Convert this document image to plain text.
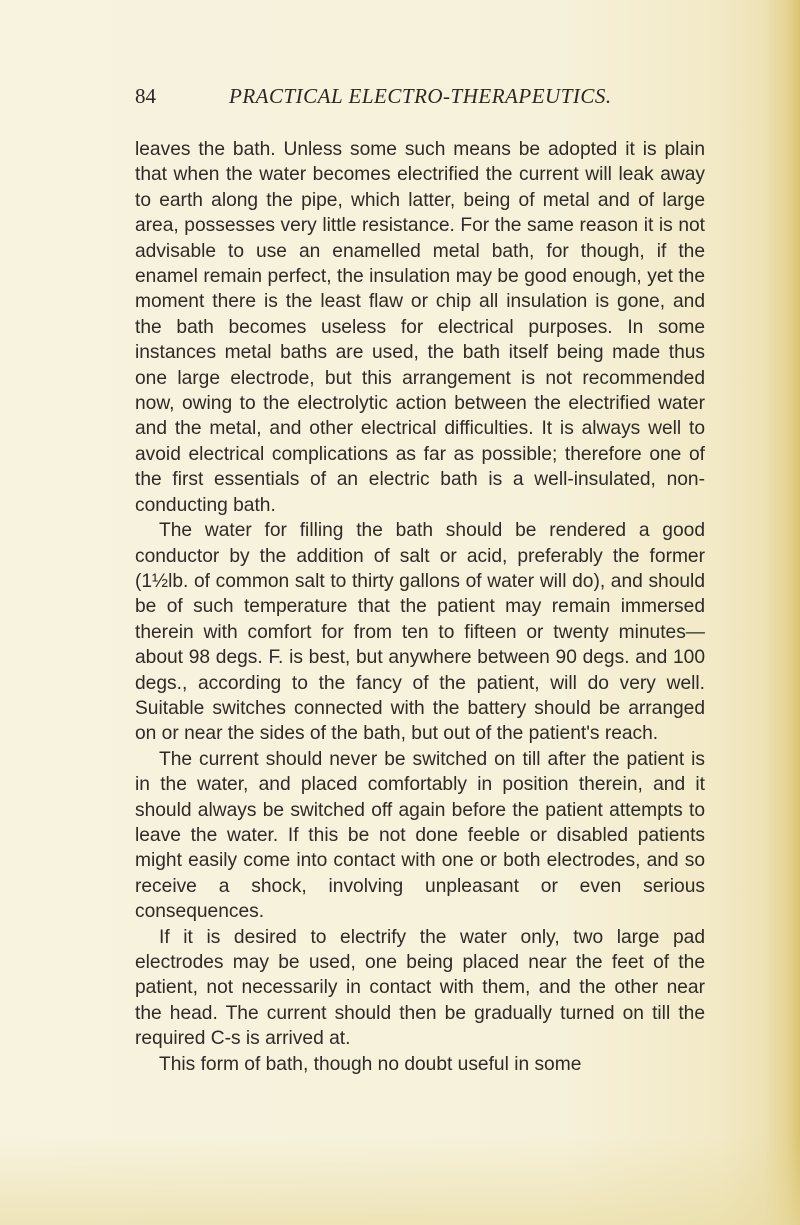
84	PRACTICAL ELECTRO-THERAPEUTICS.

leaves the bath. Unless some such means be adopted it is plain that when the water becomes electrified the current will leak away to earth along the pipe, which latter, being of metal and of large area, possesses very little resistance. For the same reason it is not advisable to use an enamelled metal bath, for though, if the enamel remain perfect, the insulation may be good enough, yet the moment there is the least flaw or chip all insulation is gone, and the bath becomes useless for electrical purposes. In some instances metal baths are used, the bath itself being made thus one large electrode, but this arrangement is not recommended now, owing to the electrolytic action between the electrified water and the metal, and other electrical difficulties. It is always well to avoid electrical complications as far as possible; therefore one of the first essentials of an electric bath is a well-insulated, non-conducting bath.

The water for filling the bath should be rendered a good conductor by the addition of salt or acid, preferably the former (1½lb. of common salt to thirty gallons of water will do), and should be of such temperature that the patient may remain immersed therein with comfort for from ten to fifteen or twenty minutes—about 98 degs. F. is best, but anywhere between 90 degs. and 100 degs., according to the fancy of the patient, will do very well. Suitable switches connected with the battery should be arranged on or near the sides of the bath, but out of the patient's reach.

The current should never be switched on till after the patient is in the water, and placed comfortably in position therein, and it should always be switched off again before the patient attempts to leave the water. If this be not done feeble or disabled patients might easily come into contact with one or both electrodes, and so receive a shock, involving unpleasant or even serious consequences.

If it is desired to electrify the water only, two large pad electrodes may be used, one being placed near the feet of the patient, not necessarily in contact with them, and the other near the head. The current should then be gradually turned on till the required C-s is arrived at.

This form of bath, though no doubt useful in some
